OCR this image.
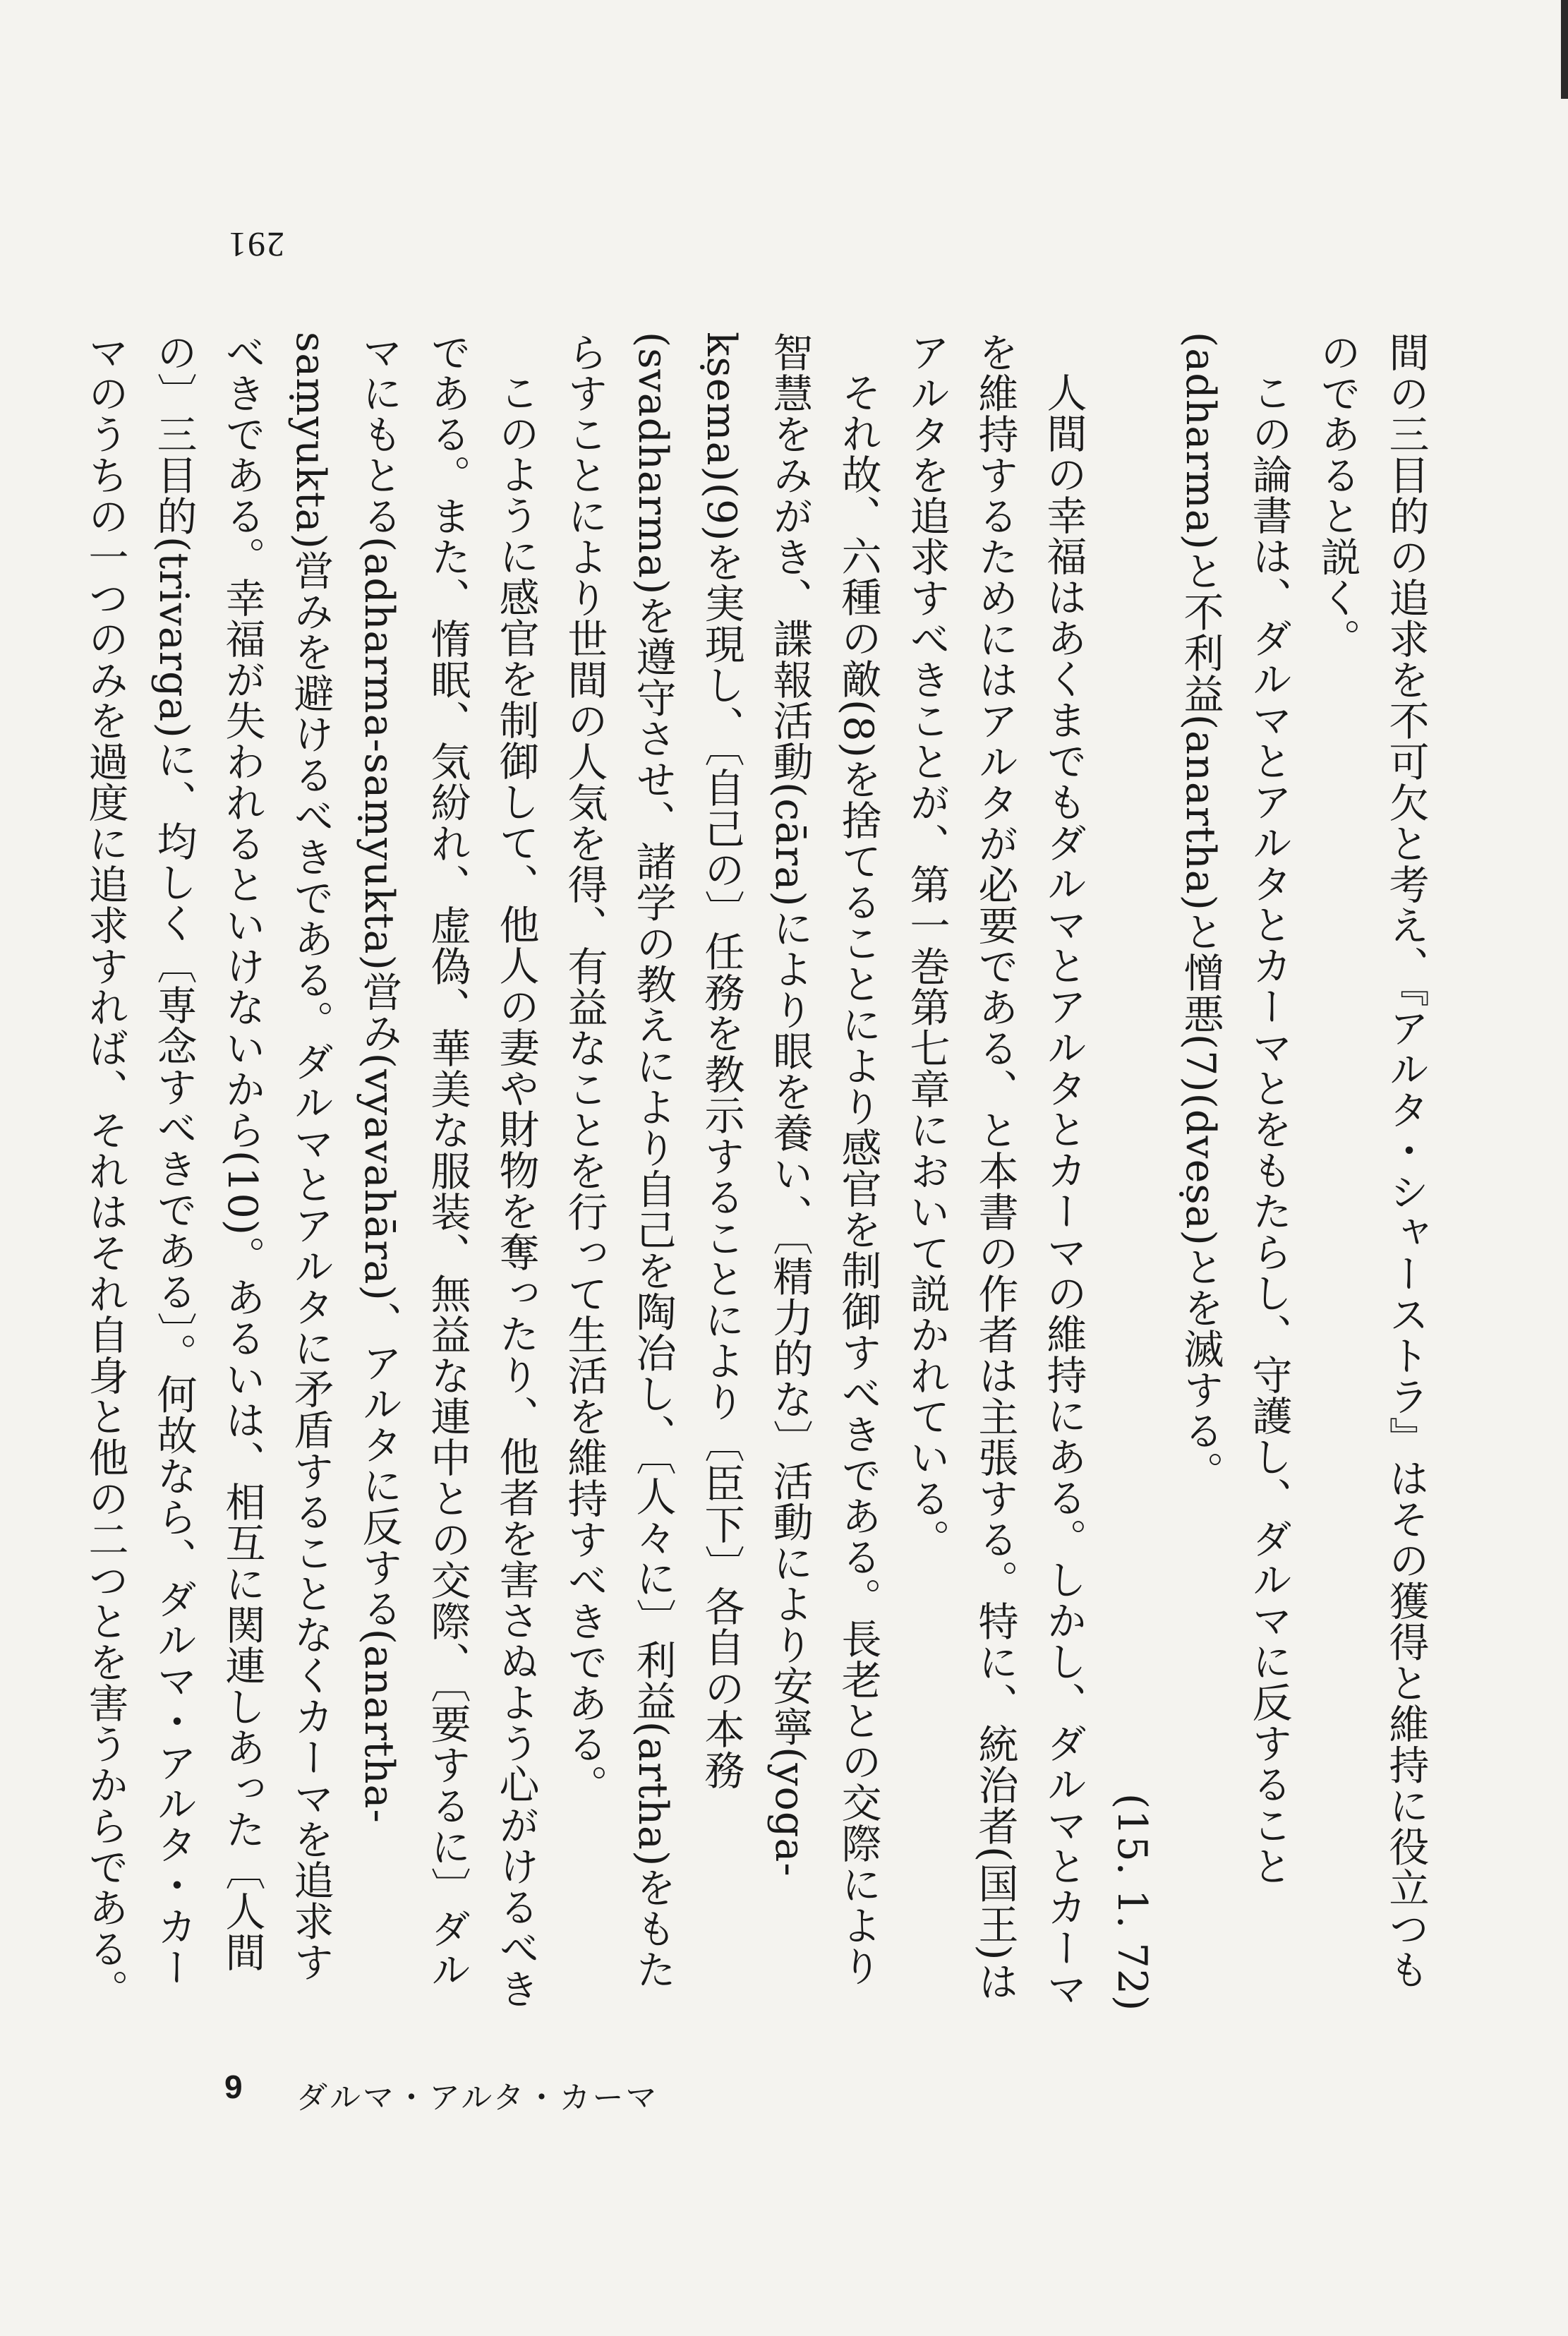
291

間の三目的の追求を不可欠と考え、『アルタ・シャーストラ』はその獲得と維持に役立つものであると説く。

この論書は、ダルマとアルタとカーマとをもたらし、守護し、ダルマに反すること(adharma)と不利益(anartha)と憎悪(7)(dveṣa)とを滅する。

(15. 1. 72)

人間の幸福はあくまでもダルマとアルタとカーマの維持にある。しかし、ダルマとカーマを維持するためにはアルタが必要である、と本書の作者は主張する。特に、統治者(国王)はアルタを追求すべきことが、第一巻第七章において説かれている。

それ故、六種の敵(8)を捨てることにより感官を制御すべきである。長老との交際により智慧をみがき、諜報活動(cāra)により眼を養い、〔精力的な〕活動により安寧(yoga-kṣema)(9)を実現し、〔自己の〕任務を教示することにより〔臣下〕各自の本務(svadharma)を遵守させ、諸学の教えにより自己を陶冶し、〔人々に〕利益(artha)をもたらすことにより世間の人気を得、有益なことを行って生活を維持すべきである。

このように感官を制御して、他人の妻や財物を奪ったり、他者を害さぬよう心がけるべきである。また、惰眠、気紛れ、虚偽、華美な服装、無益な連中との交際、〔要するに〕ダルマにもとる(adharma-saṃyukta)営み(vyavahāra)、アルタに反する(anartha-saṃyukta)営みを避けるべきである。ダルマとアルタに矛盾することなくカーマを追求すべきである。幸福が失われるといけないから(10)。あるいは、相互に関連しあった〔人間の〕三目的(trivarga)に、均しく〔専念すべきである〕。何故なら、ダルマ・アルタ・カーマのうちの一つのみを過度に追求すれば、それはそれ自身と他の二つとを害うからである。

9 ダルマ・アルタ・カーマ
